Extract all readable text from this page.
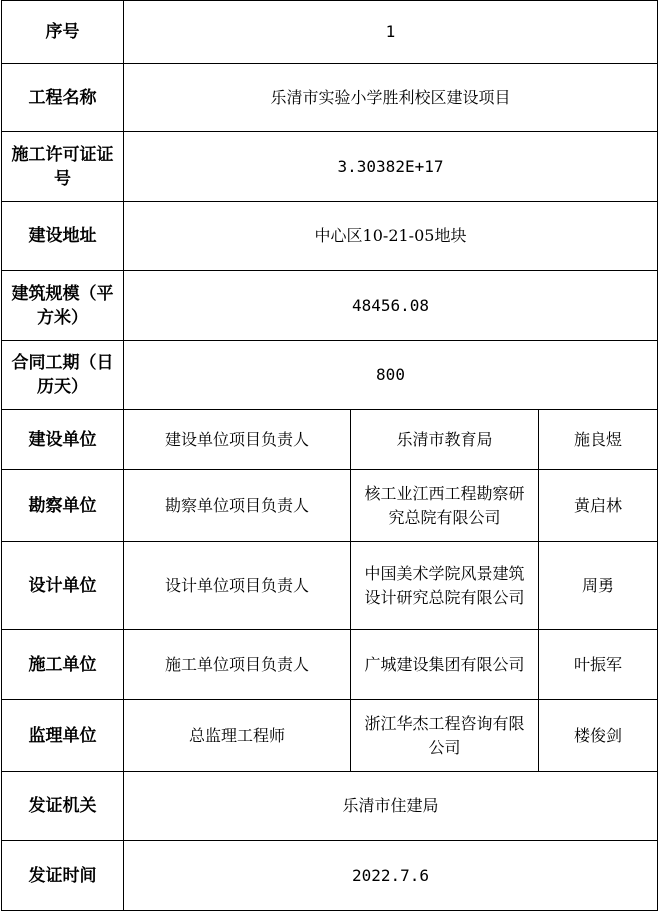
序号	1		
工程名称	乐清市实验小学胜利校区建设项目		
施工许可证证号	3.30382E+17		
建设地址	中心区10-21-05地块		
建筑规模（平方米）	48456.08		
合同工期（日历天）	800		
建设单位	建设单位项目负责人	乐清市教育局	施良煜
勘察单位	勘察单位项目负责人	核工业江西工程勘察研究总院有限公司	黄启林
设计单位	设计单位项目负责人	中国美术学院风景建筑设计研究总院有限公司	周勇
施工单位	施工单位项目负责人	广城建设集团有限公司	叶振军
监理单位	总监理工程师	浙江华杰工程咨询有限公司	楼俊剑
发证机关	乐清市住建局		
发证时间	2022.7.6		
